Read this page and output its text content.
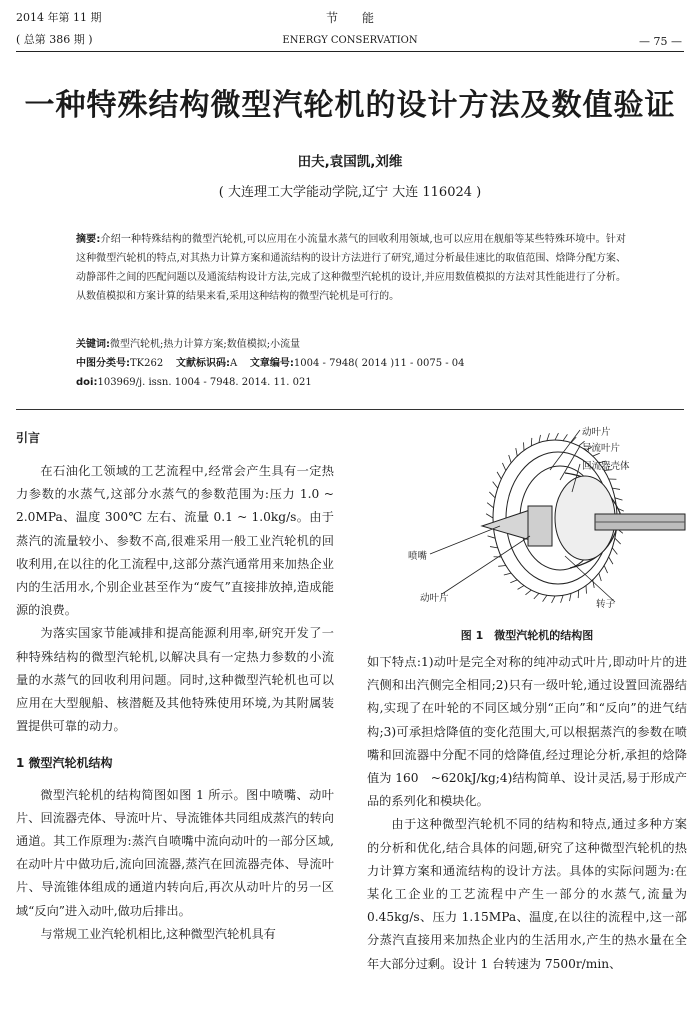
2014 年第 11 期
( 总第 386 期 )
节　　能
ENERGY CONSERVATION	— 75 —
一种特殊结构微型汽轮机的设计方法及数值验证
田夫,袁国凯,刘维
( 大连理工大学能动学院,辽宁 大连 116024 )
摘要:介绍一种特殊结构的微型汽轮机,可以应用在小流量水蒸气的回收利用领域,也可以应用在舰船等某些特殊环境中。针对这种微型汽轮机的特点,对其热力计算方案和通流结构的设计方法进行了研究,通过分析最佳速比的取值范围、焓降分配方案、动静部件之间的匹配问题以及通流结构设计方法,完成了这种微型汽轮机的设计,并应用数值模拟的方法对其性能进行了分析。从数值模拟和方案计算的结果来看,采用这种结构的微型汽轮机是可行的。
关键词:微型汽轮机;热力计算方案;数值模拟;小流量
中图分类号:TK262 文献标识码:A 文章编号:1004 - 7948( 2014 )11 - 0075 - 04
doi:103969/j. issn. 1004 - 7948. 2014. 11. 021
引言

在石油化工领域的工艺流程中,经常会产生具有一定热力参数的水蒸气,这部分水蒸气的参数范围为:压力 1.0 ~ 2.0MPa、温度 300℃ 左右、流量 0.1 ~ 1.0kg/s。由于蒸汽的流量较小、参数不高,很难采用一般工业汽轮机的回收利用,在以往的化工流程中,这部分蒸汽通常用来加热企业内的生活用水,个别企业甚至作为“废气”直接排放掉,造成能源的浪费。

为落实国家节能减排和提高能源利用率,研究开发了一种特殊结构的微型汽轮机,以解决具有一定热力参数的小流量的水蒸气的回收利用问题。同时,这种微型汽轮机也可以应用在大型舰船、核潜艇及其他特殊使用环境,为其附属装置提供可靠的动力。

1 微型汽轮机结构

微型汽轮机的结构简图如图 1 所示。图中喷嘴、动叶片、回流器壳体、导流叶片、导流锥体共同组成蒸汽的转向通道。其工作原理为:蒸汽自喷嘴中流向动叶的一部分区域,在动叶片中做功后,流向回流器,蒸汽在回流器壳体、导流叶片、导流锥体组成的通道内转向后,再次从动叶片的另一区域“反向”进入动叶,做功后排出。

与常规工业汽轮机相比,这种微型汽轮机具有

动叶片
导流叶片
回流器壳体
喷嘴
动叶片
转子
图 1　微型汽轮机的结构图

如下特点:1)动叶是完全对称的纯冲动式叶片,即动叶片的进汽侧和出汽侧完全相同;2)只有一级叶轮,通过设置回流器结构,实现了在叶轮的不同区域分别“正向”和“反向”的进气结构;3)可承担焓降值的变化范围大,可以根据蒸汽的参数在喷嘴和回流器中分配不同的焓降值,经过理论分析,承担的焓降值为 160　~620kJ/kg;4)结构简单、设计灵活,易于形成产品的系列化和模块化。

由于这种微型汽轮机不同的结构和特点,通过多种方案的分析和优化,结合具体的问题,研究了这种微型汽轮机的热力计算方案和通流结构的设计方法。具体的实际问题为:在某化工企业的工艺流程中产生一部分的水蒸气,流量为 0.45kg/s、压力 1.15MPa、温度,在以往的流程中,这一部分蒸汽直接用来加热企业内的生活用水,产生的热水量在全年大部分过剩。设计 1 台转速为 7500r/min、
